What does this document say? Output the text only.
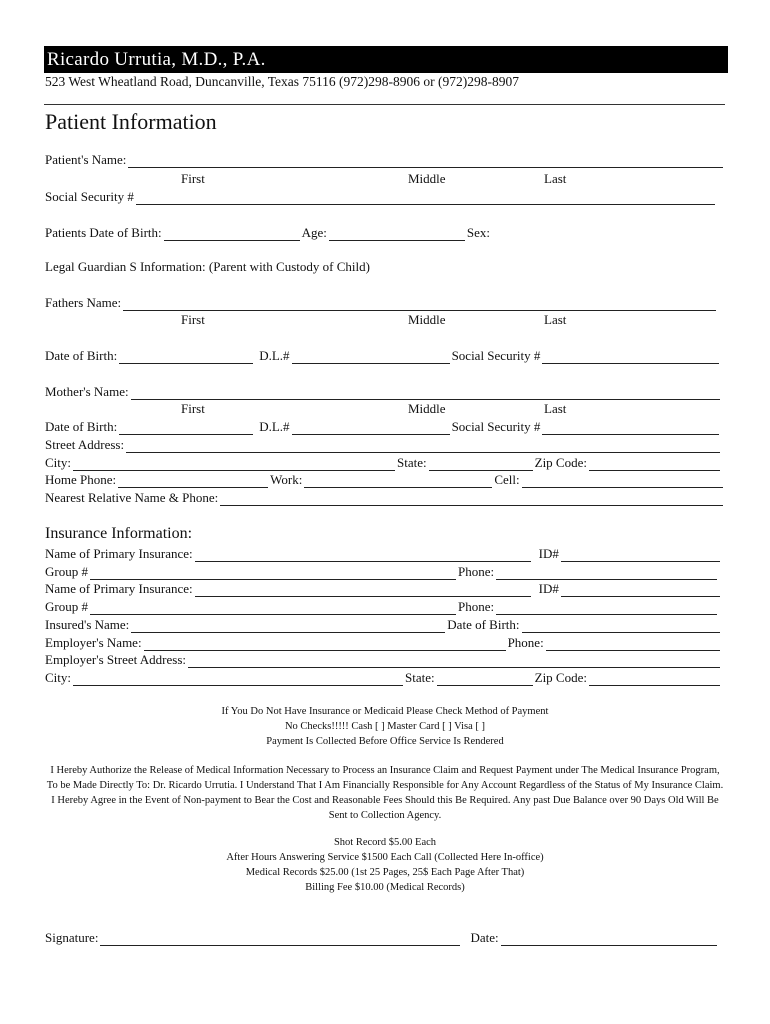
Ricardo Urrutia, M.D., P.A.
523 West Wheatland Road, Duncanville, Texas 75116 (972)298-8906 or (972)298-8907
Patient Information
Patient's Name:
First	Middle	Last
Social Security #
Patients Date of Birth:	Age:	Sex:
Legal Guardian S Information: (Parent with Custody of Child)
Fathers Name:
First	Middle	Last
Date of Birth:	D.L.#	Social Security #
Mother's Name:
First	Middle	Last
Date of Birth:	D.L.#	Social Security #
Street Address:
City:	State:	Zip Code:
Home Phone:	Work:	Cell:
Nearest Relative Name & Phone:
Insurance Information:
Name of Primary Insurance:	ID#
Group #	Phone:
Name of Primary Insurance:	ID#
Group #	Phone:
Insured's Name:	Date of Birth:
Employer's Name:	Phone:
Employer's Street Address:
City:	State:	Zip Code:
If You Do Not Have Insurance or Medicaid Please Check Method of Payment
No Checks!!!!! Cash [ ] Master Card [ ] Visa [ ]
Payment Is Collected Before Office Service Is Rendered
I Hereby Authorize the Release of Medical Information Necessary to Process an Insurance Claim and Request Payment under The Medical Insurance Program, To be Made Directly To: Dr. Ricardo Urrutia. I Understand That I Am Financially Responsible for Any Account Regardless of the Status of My Insurance Claim. I Hereby Agree in the Event of Non-payment to Bear the Cost and Reasonable Fees Should this Be Required. Any past Due Balance over 90 Days Old Will Be Sent to Collection Agency.
Shot Record $5.00 Each
After Hours Answering Service $1500 Each Call (Collected Here In-office)
Medical Records $25.00 (1st 25 Pages, 25$ Each Page After That)
Billing Fee $10.00 (Medical Records)
Signature:	Date:
